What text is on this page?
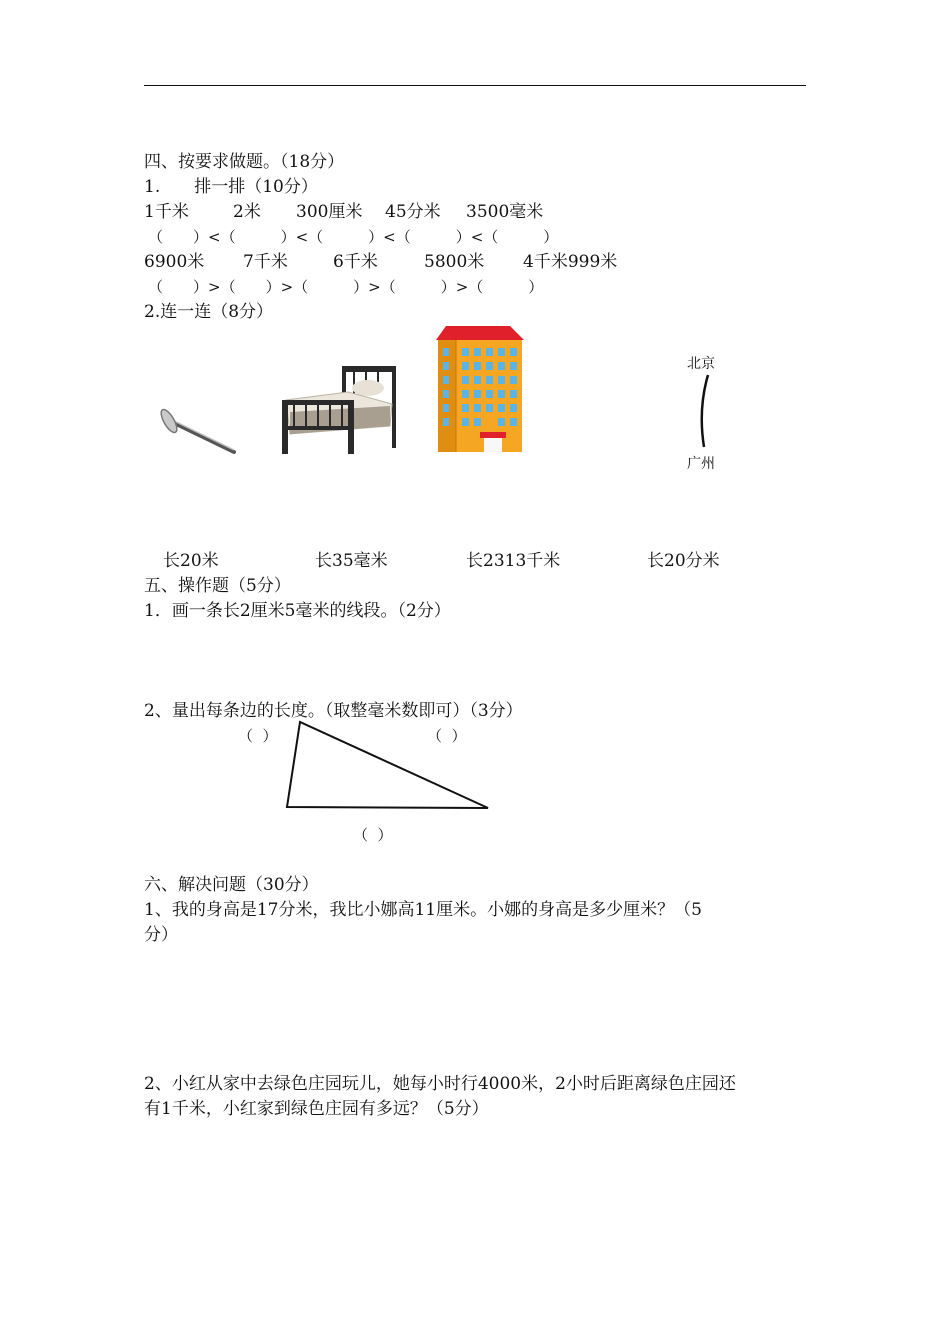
四、按要求做题。（18分）
1.　　排一排（10分）
1千米	2米 300厘米 45分米 3500毫米
（　　）<（　　　）<（　　　）<（　　　）<（　　　）
6900米 7千米	6千米	5800米 4千米999米
（　　）>（　　）>（　　　）>（　　　）>（　　　）
2.连一连（8分）
北京
广州
长20米	长35毫米	长2313千米	长20分米
五、操作题（5分）
1．画一条长2厘米5毫米的线段。（2分）
2、量出每条边的长度。（取整毫米数即可）（3分）
（  ）	（  ）
（  ）
六、解决问题（30分）
1、我的身高是17分米，我比小娜高11厘米。小娜的身高是多少厘米？（5
分）
2、小红从家中去绿色庄园玩儿，她每小时行4000米，2小时后距离绿色庄园还
有1千米，小红家到绿色庄园有多远？（5分）
